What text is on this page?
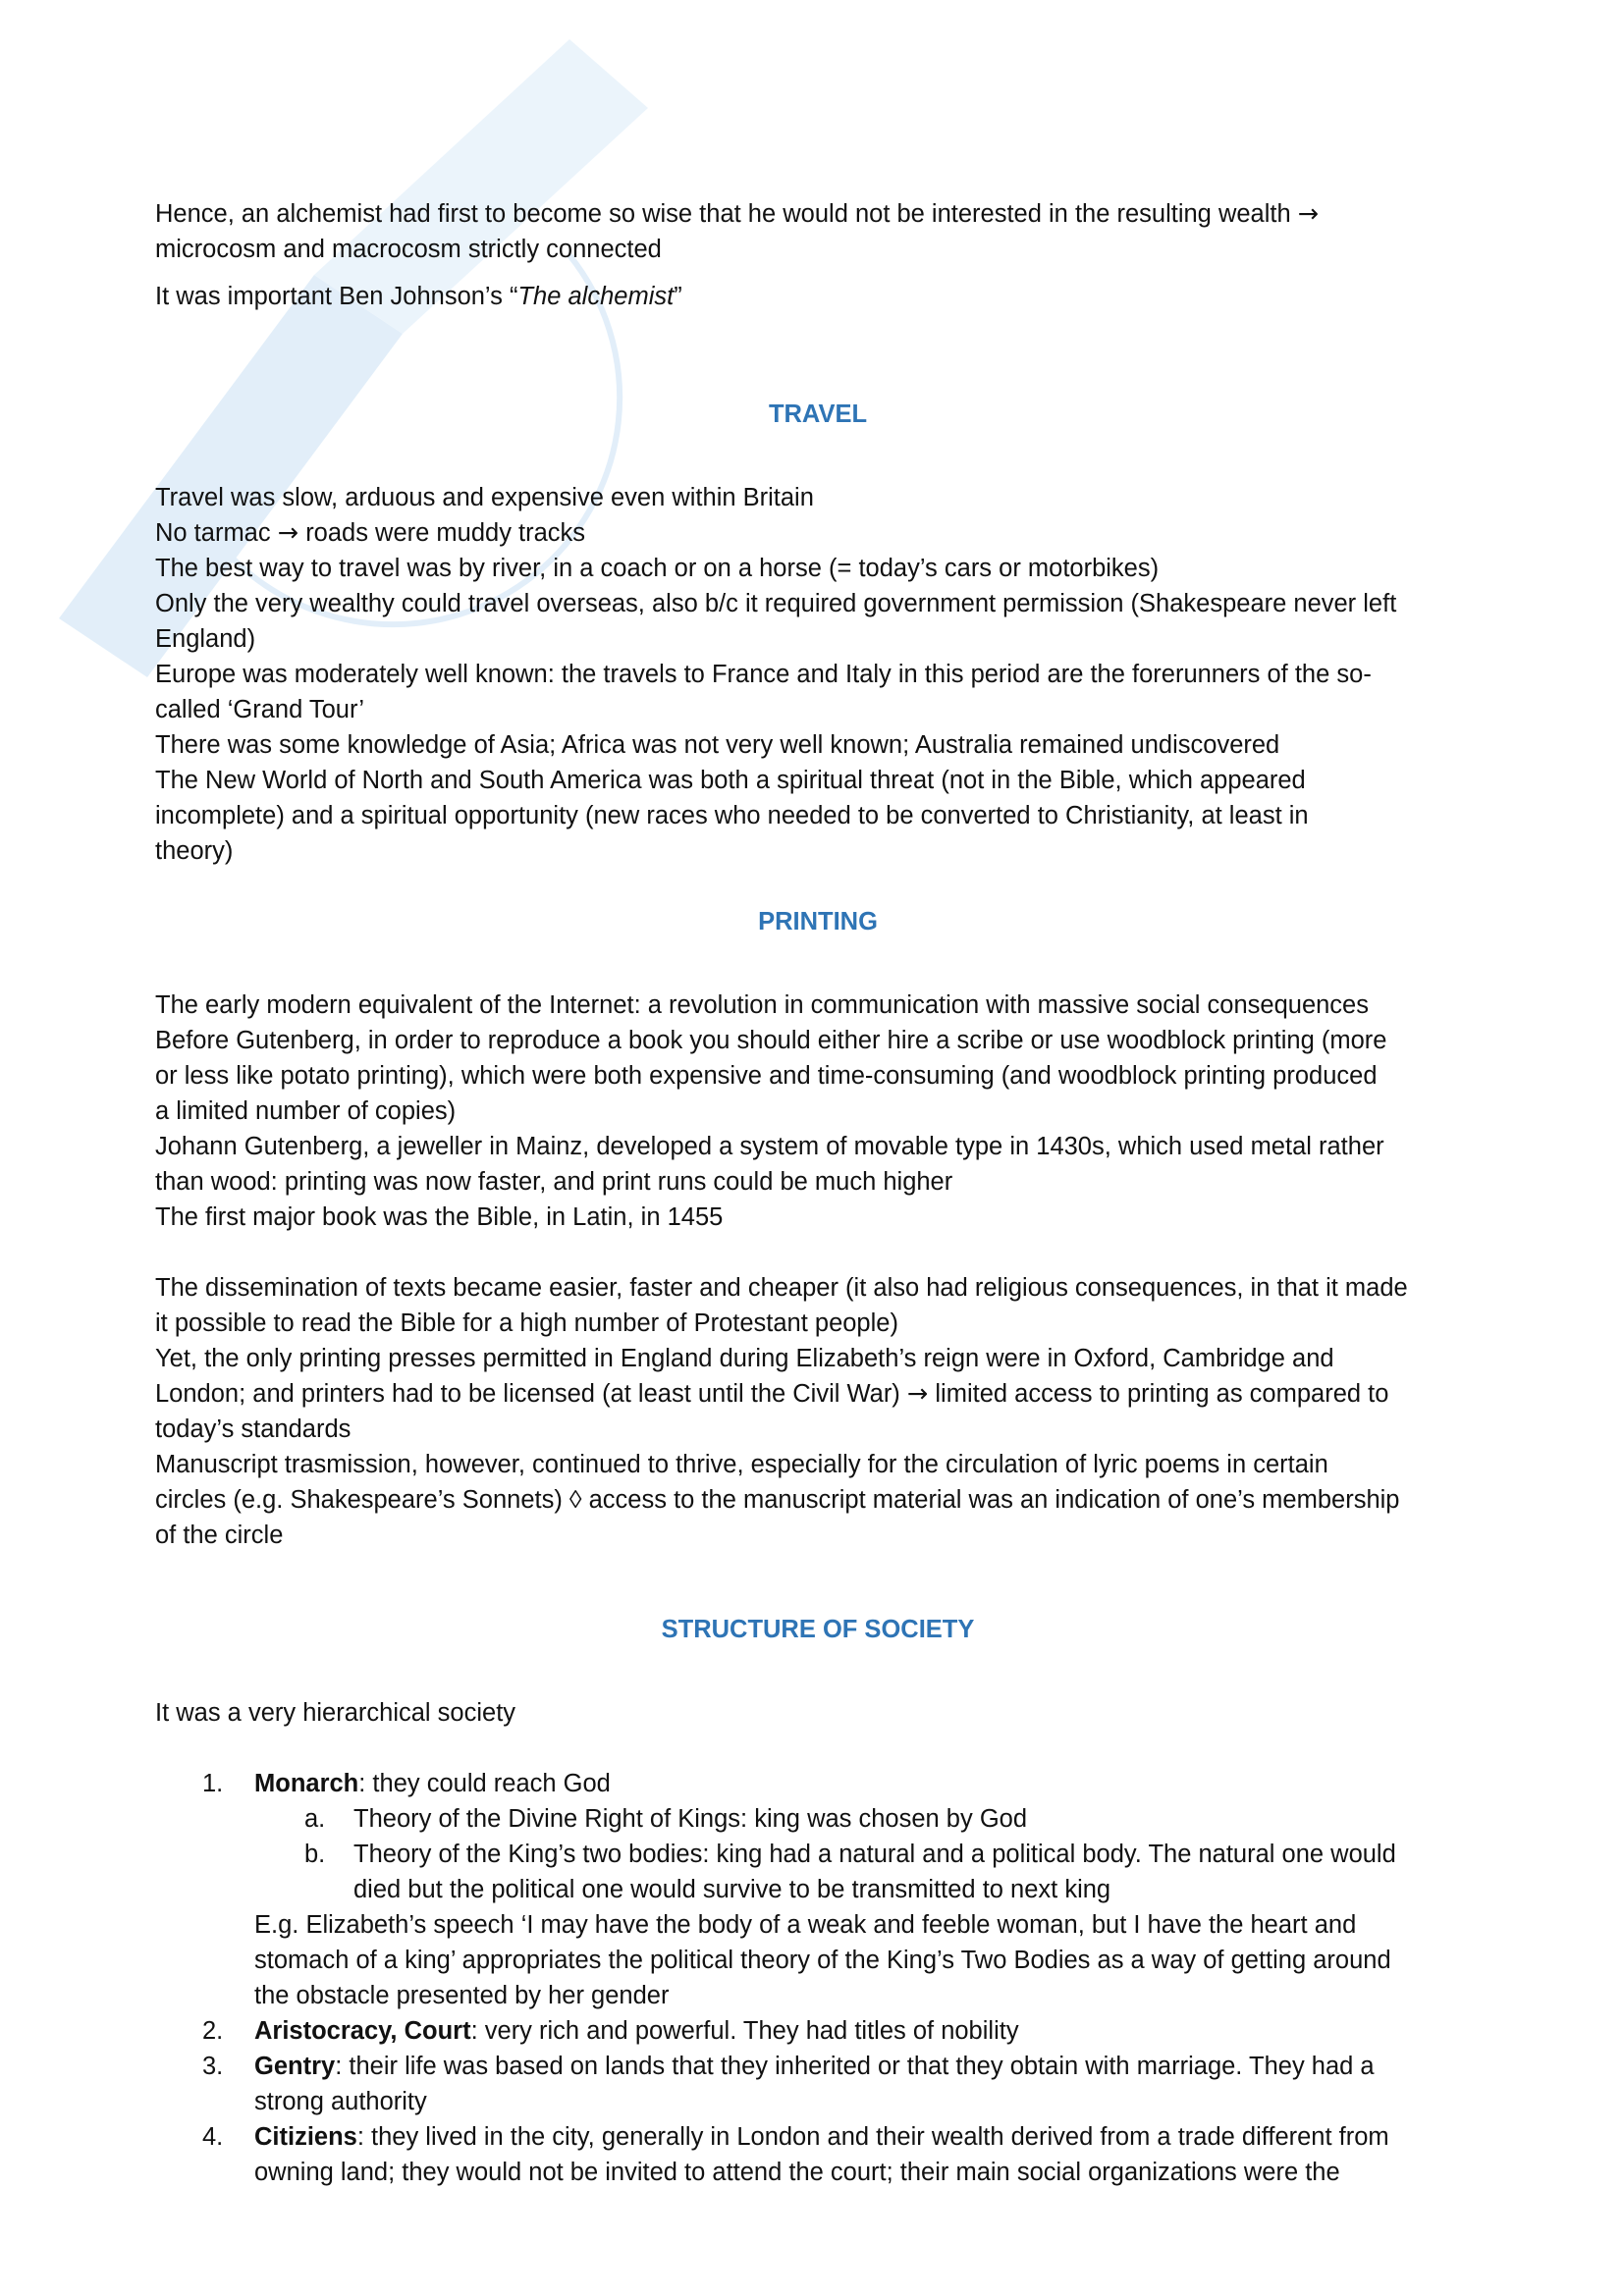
Hence, an alchemist had first to become so wise that he would not be interested in the resulting wealth →
microcosm and macrocosm strictly connected

It was important Ben Johnson’s “The alchemist”

TRAVEL

Travel was slow, arduous and expensive even within Britain

No tarmac → roads were muddy tracks

The best way to travel was by river, in a coach or on a horse (= today’s cars or motorbikes)

Only the very wealthy could travel overseas, also b/c it required government permission (Shakespeare never left
England)

Europe was moderately well known: the travels to France and Italy in this period are the forerunners of the so-
called ‘Grand Tour’

There was some knowledge of Asia; Africa was not very well known; Australia remained undiscovered

The New World of North and South America was both a spiritual threat (not in the Bible, which appeared
incomplete) and a spiritual opportunity (new races who needed to be converted to Christianity, at least in
theory)

PRINTING

The early modern equivalent of the Internet: a revolution in communication with massive social consequences

Before Gutenberg, in order to reproduce a book you should either hire a scribe or use woodblock printing (more
or less like potato printing), which were both expensive and time-consuming (and woodblock printing produced
a limited number of copies)

Johann Gutenberg, a jeweller in Mainz, developed a system of movable type in 1430s, which used metal rather
than wood: printing was now faster, and print runs could be much higher

The first major book was the Bible, in Latin, in 1455

The dissemination of texts became easier, faster and cheaper (it also had religious consequences, in that it made
it possible to read the Bible for a high number of Protestant people)

Yet, the only printing presses permitted in England during Elizabeth’s reign were in Oxford, Cambridge and
London; and printers had to be licensed (at least until the Civil War) → limited access to printing as compared to
today’s standards

Manuscript trasmission, however, continued to thrive, especially for the circulation of lyric poems in certain
circles (e.g. Shakespeare’s Sonnets) ◊ access to the manuscript material was an indication of one’s membership
of the circle

STRUCTURE OF SOCIETY

It was a very hierarchical society

1. Monarch: they could reach God
a. Theory of the Divine Right of Kings: king was chosen by God
b. Theory of the King’s two bodies: king had a natural and a political body. The natural one would
died but the political one would survive to be transmitted to next king

E.g. Elizabeth’s speech ‘I may have the body of a weak and feeble woman, but I have the heart and
stomach of a king’ appropriates the political theory of the King’s Two Bodies as a way of getting around
the obstacle presented by her gender

2. Aristocracy, Court: very rich and powerful. They had titles of nobility
3. Gentry: their life was based on lands that they inherited or that they obtain with marriage. They had a
strong authority
4. Citiziens: they lived in the city, generally in London and their wealth derived from a trade different from
owning land; they would not be invited to attend the court; their main social organizations were the
